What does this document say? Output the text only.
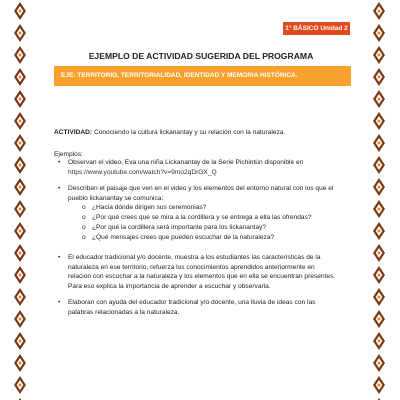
1° BÁSICO Unidad 2
EJEMPLO DE ACTIVIDAD SUGERIDA DEL PROGRAMA
EJE: TERRITORIO, TERRITORIALIDAD, IDENTIDAD Y MEMORIA HISTÓRICA.
ACTIVIDAD: Conociendo la cultura lickanantay y su relación con la naturaleza.
Ejemplos:
• Observan el video, Eva una niña Lickanantay de la Serie Pichintún disponible en
https://www.youtube.com/watch?v=9mo2qDrGX_Q
• Describen el paisaje que ven en el video y los elementos del entorno natural con los que el
pueblo lickanantay se comunica:
o ¿Hacia dónde dirigen sus ceremonias?
o ¿Por qué crees que se mira a la cordillera y se entrega a ella las ofrendas?
o ¿Por qué la cordillera será importante para los lickanantay?
o ¿Qué mensajes crees que pueden escuchar de la naturaleza?
• El educador tradicional y/o docente, muestra a los estudiantes las características de la
naturaleza en ese territorio, refuerza los conocimientos aprendidos anteriormente en
relación con escuchar a la naturaleza y los elementos que en ella se encuentran presentes.
Para eso explica la importancia de aprender a escuchar y observarla.
• Elaboran con ayuda del educador tradicional y/o docente, una lluvia de ideas con las
palabras relacionadas a la naturaleza.
